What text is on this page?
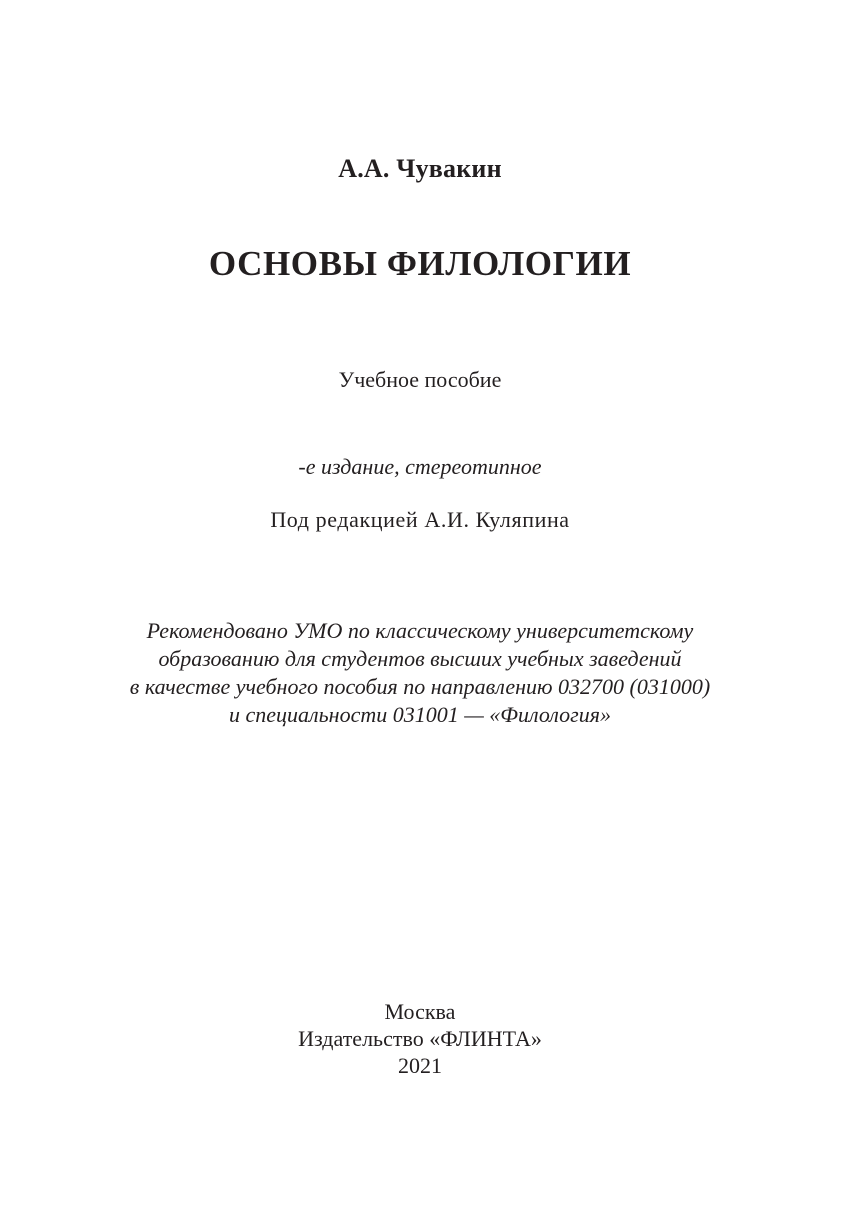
А.А. Чувакин
ОСНОВЫ ФИЛОЛОГИИ
Учебное пособие
-е издание, стереотипное
Под редакцией А.И. Куляпина
Рекомендовано УМО по классическому университетскому
образованию для студентов высших учебных заведений
в качестве учебного пособия по направлению 032700 (031000)
и специальности 031001 — «Филология»
Москва
Издательство «ФЛИНТА»
2021
